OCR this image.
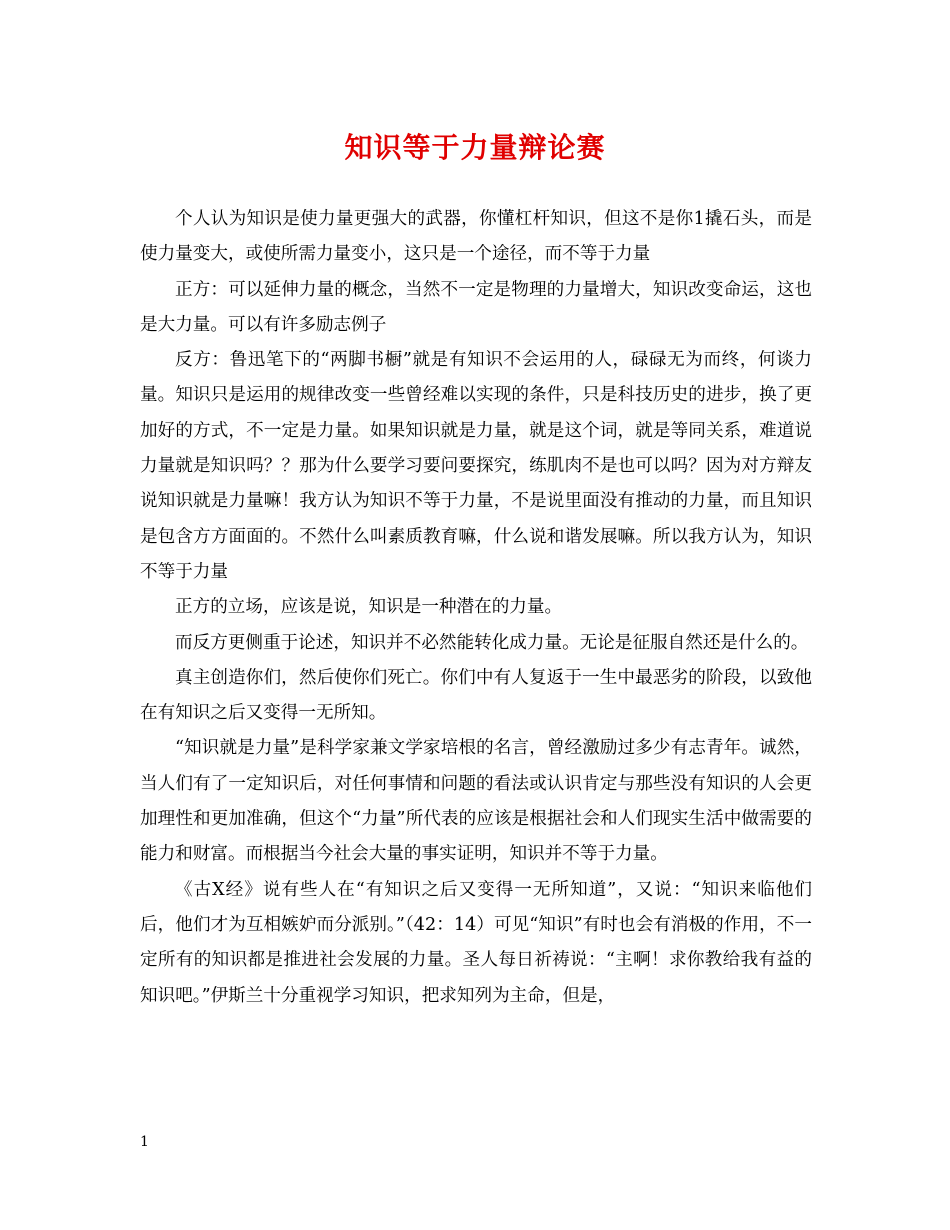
知识等于力量辩论赛

个人认为知识是使力量更强大的武器，你懂杠杆知识，但这不是你1撬石头，而是使力量变大，或使所需力量变小，这只是一个途径，而不等于力量

正方：可以延伸力量的概念，当然不一定是物理的力量增大，知识改变命运，这也是大力量。可以有许多励志例子

反方：鲁迅笔下的“两脚书橱”就是有知识不会运用的人，碌碌无为而终，何谈力量。知识只是运用的规律改变一些曾经难以实现的条件，只是科技历史的进步，换了更加好的方式，不一定是力量。如果知识就是力量，就是这个词，就是等同关系，难道说力量就是知识吗？？那为什么要学习要问要探究，练肌肉不是也可以吗？因为对方辩友说知识就是力量嘛！我方认为知识不等于力量，不是说里面没有推动的力量，而且知识是包含方方面面的。不然什么叫素质教育嘛，什么说和谐发展嘛。所以我方认为，知识不等于力量

正方的立场，应该是说，知识是一种潜在的力量。

而反方更侧重于论述，知识并不必然能转化成力量。无论是征服自然还是什么的。

真主创造你们，然后使你们死亡。你们中有人复返于一生中最恶劣的阶段，以致他在有知识之后又变得一无所知。

“知识就是力量”是科学家兼文学家培根的名言，曾经激励过多少有志青年。诚然，当人们有了一定知识后，对任何事情和问题的看法或认识肯定与那些没有知识的人会更加理性和更加准确，但这个“力量”所代表的应该是根据社会和人们现实生活中做需要的能力和财富。而根据当今社会大量的事实证明，知识并不等于力量。

《古X经》说有些人在“有知识之后又变得一无所知道”，又说：“知识来临他们后，他们才为互相嫉妒而分派别。”（42：14）可见“知识”有时也会有消极的作用，不一定所有的知识都是推进社会发展的力量。圣人每日祈祷说：“主啊！求你教给我有益的知识吧。”伊斯兰十分重视学习知识，把求知列为主命，但是，

1
